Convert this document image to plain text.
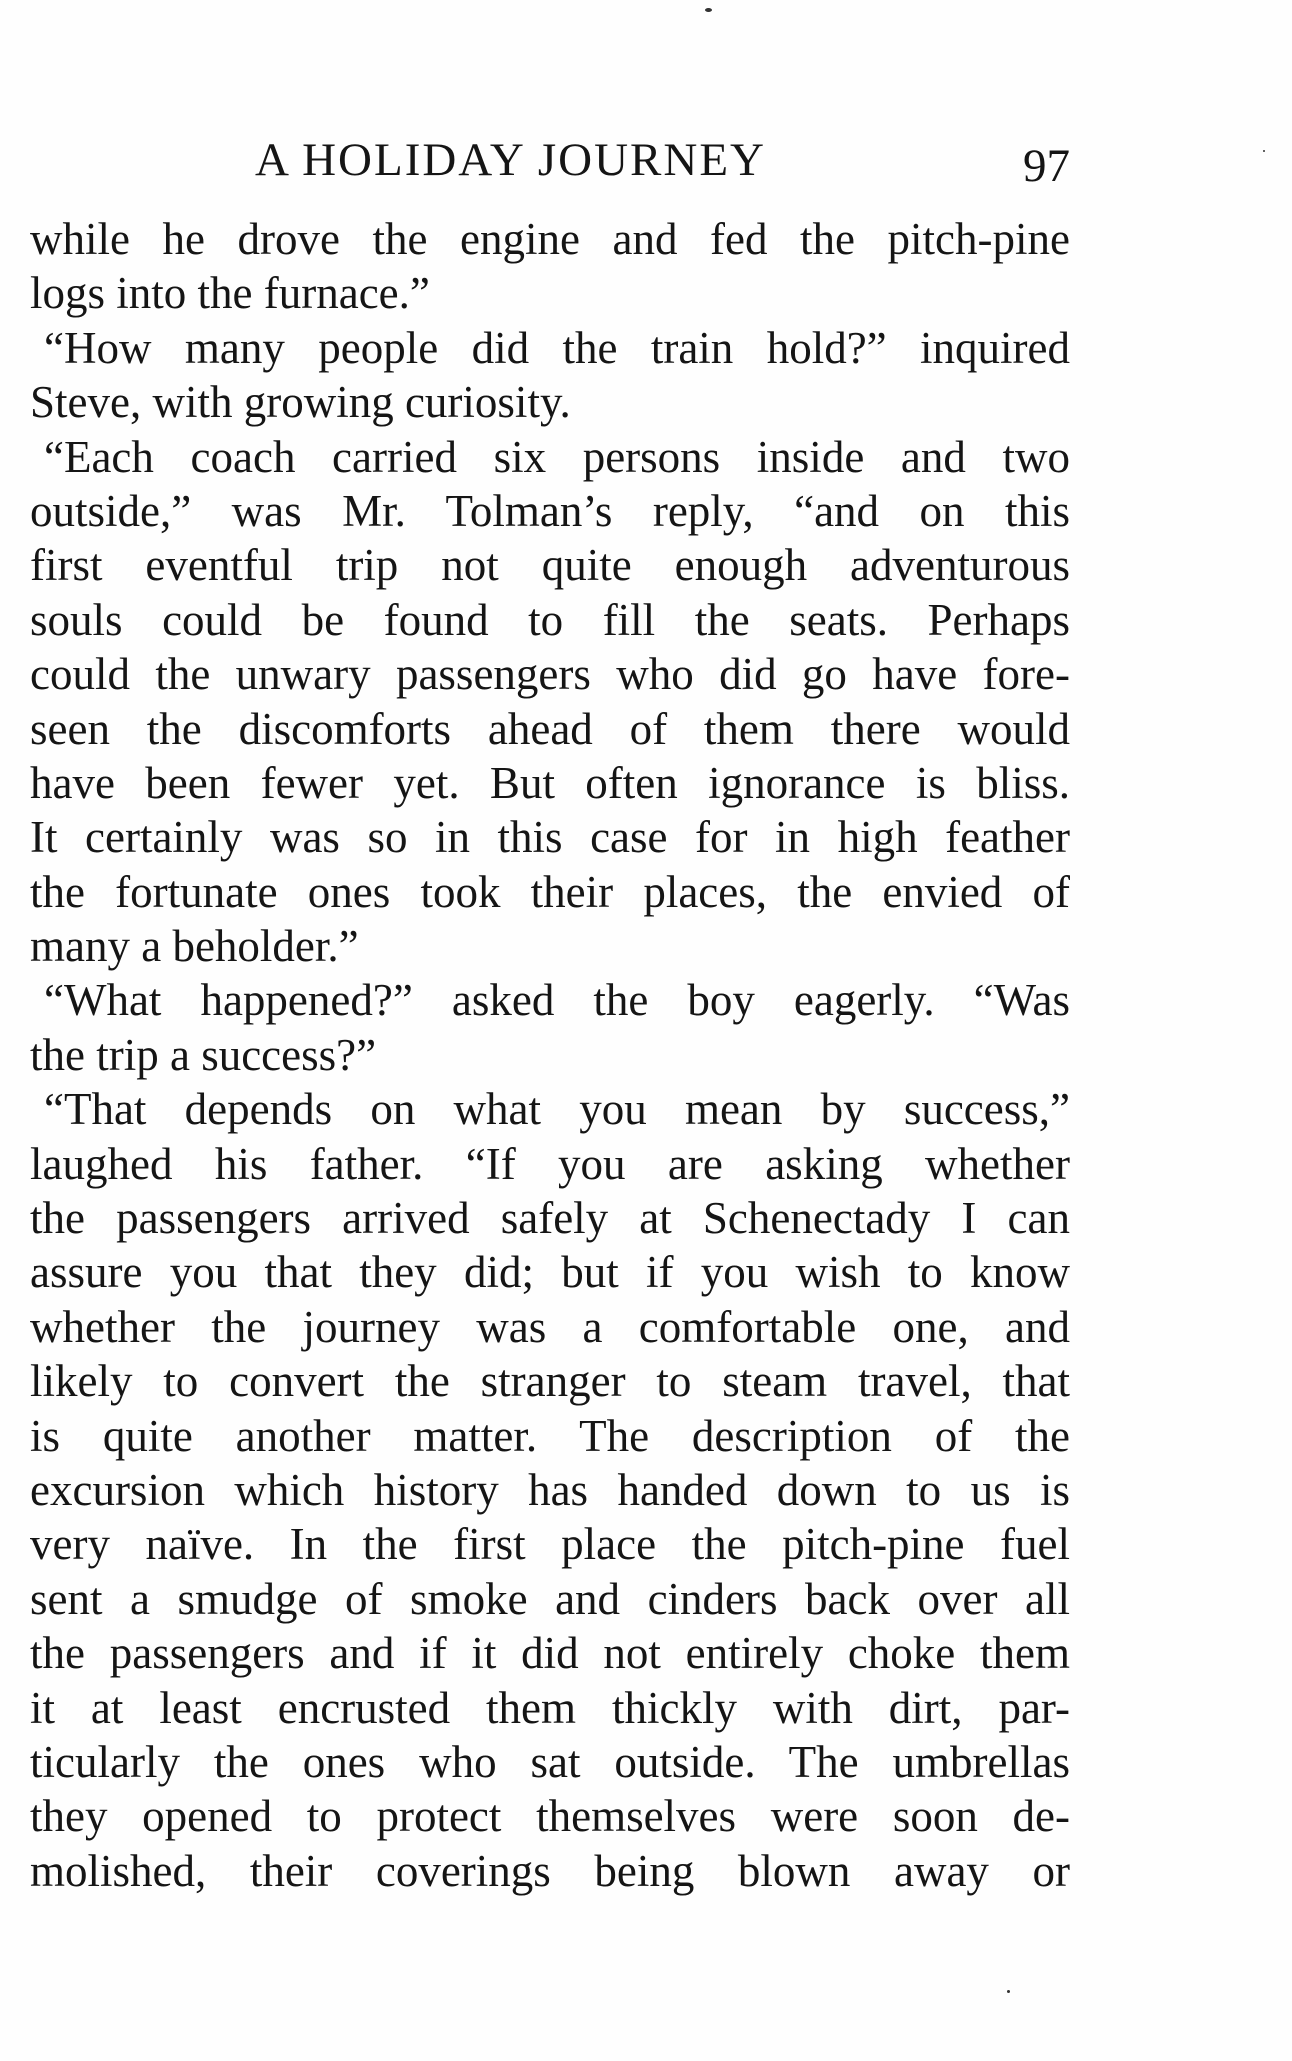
A HOLIDAY JOURNEY	97
while he drove the engine and fed the pitch-pine
logs into the furnace.”
“How many people did the train hold?” inquired
Steve, with growing curiosity.
“Each coach carried six persons inside and two
outside,” was Mr. Tolman’s reply, “and on this
first eventful trip not quite enough adventurous
souls could be found to fill the seats. Perhaps
could the unwary passengers who did go have fore-
seen the discomforts ahead of them there would
have been fewer yet. But often ignorance is bliss.
It certainly was so in this case for in high feather
the fortunate ones took their places, the envied of
many a beholder.”
“What happened?” asked the boy eagerly. “Was
the trip a success?”
“That depends on what you mean by success,”
laughed his father. “If you are asking whether
the passengers arrived safely at Schenectady I can
assure you that they did; but if you wish to know
whether the journey was a comfortable one, and
likely to convert the stranger to steam travel, that
is quite another matter. The description of the
excursion which history has handed down to us is
very naïve. In the first place the pitch-pine fuel
sent a smudge of smoke and cinders back over all
the passengers and if it did not entirely choke them
it at least encrusted them thickly with dirt, par-
ticularly the ones who sat outside. The umbrellas
they opened to protect themselves were soon de-
molished, their coverings being blown away or
